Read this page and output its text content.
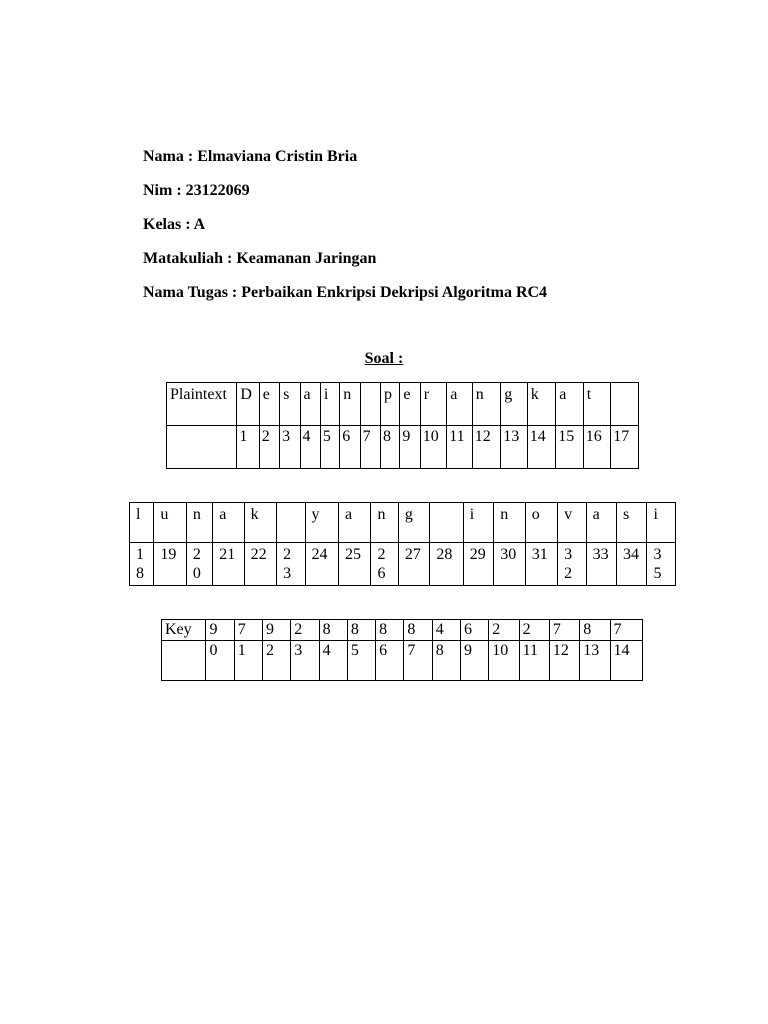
Nama : Elmaviana Cristin Bria
Nim : 23122069
Kelas : A
Matakuliah : Keamanan Jaringan
Nama Tugas : Perbaikan Enkripsi Dekripsi Algoritma RC4
Soal :
Plaintext	D	e	s	a	i	n		p	e	r	a	n	g	k	a	t	
	1	2	3	4	5	6	7	8	9	10	11	12	13	14	15	16	17
l	u	n	a	k		y	a	n	g		i	n	o	v	a	s	i
18	19	20	21	22	23	24	25	26	27	28	29	30	31	32	33	34	35
Key	9	7	9	2	8	8	8	8	4	6	2	2	7	8	7
	0	1	2	3	4	5	6	7	8	9	10	11	12	13	14
